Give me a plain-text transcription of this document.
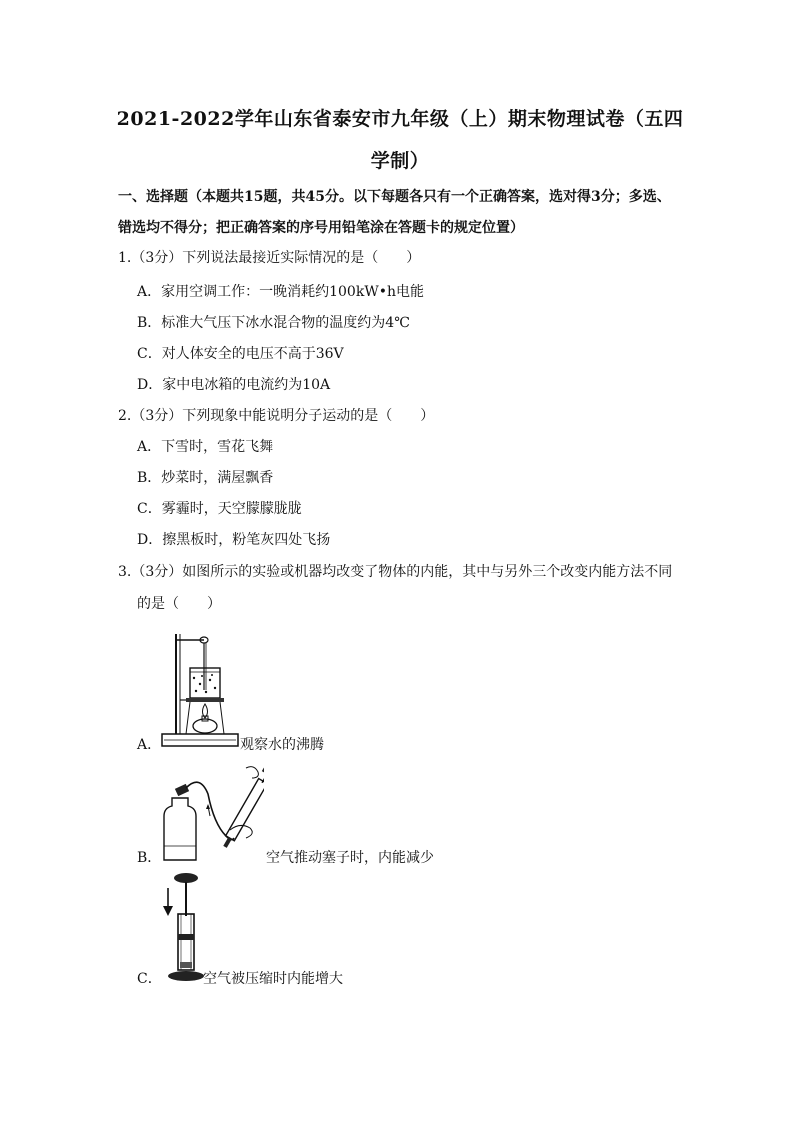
2021-2022学年山东省泰安市九年级（上）期末物理试卷（五四
学制）
一、选择题（本题共15题，共45分。以下每题各只有一个正确答案，选对得3分；多选、错选均不得分；把正确答案的序号用铅笔涂在答题卡的规定位置）
1.（3分）下列说法最接近实际情况的是（　　）
A．家用空调工作：一晚消耗约100kW•h电能
B．标准大气压下冰水混合物的温度约为4℃
C．对人体安全的电压不高于36V
D．家中电冰箱的电流约为10A
2.（3分）下列现象中能说明分子运动的是（　　）
A．下雪时，雪花飞舞
B．炒菜时，满屋飘香
C．雾霾时，天空朦朦胧胧
D．擦黑板时，粉笔灰四处飞扬
3.（3分）如图所示的实验或机器均改变了物体的内能，其中与另外三个改变内能方法不同
的是（　　）
A．	观察水的沸腾
B．	空气推动塞子时，内能减少
C．	空气被压缩时内能增大
